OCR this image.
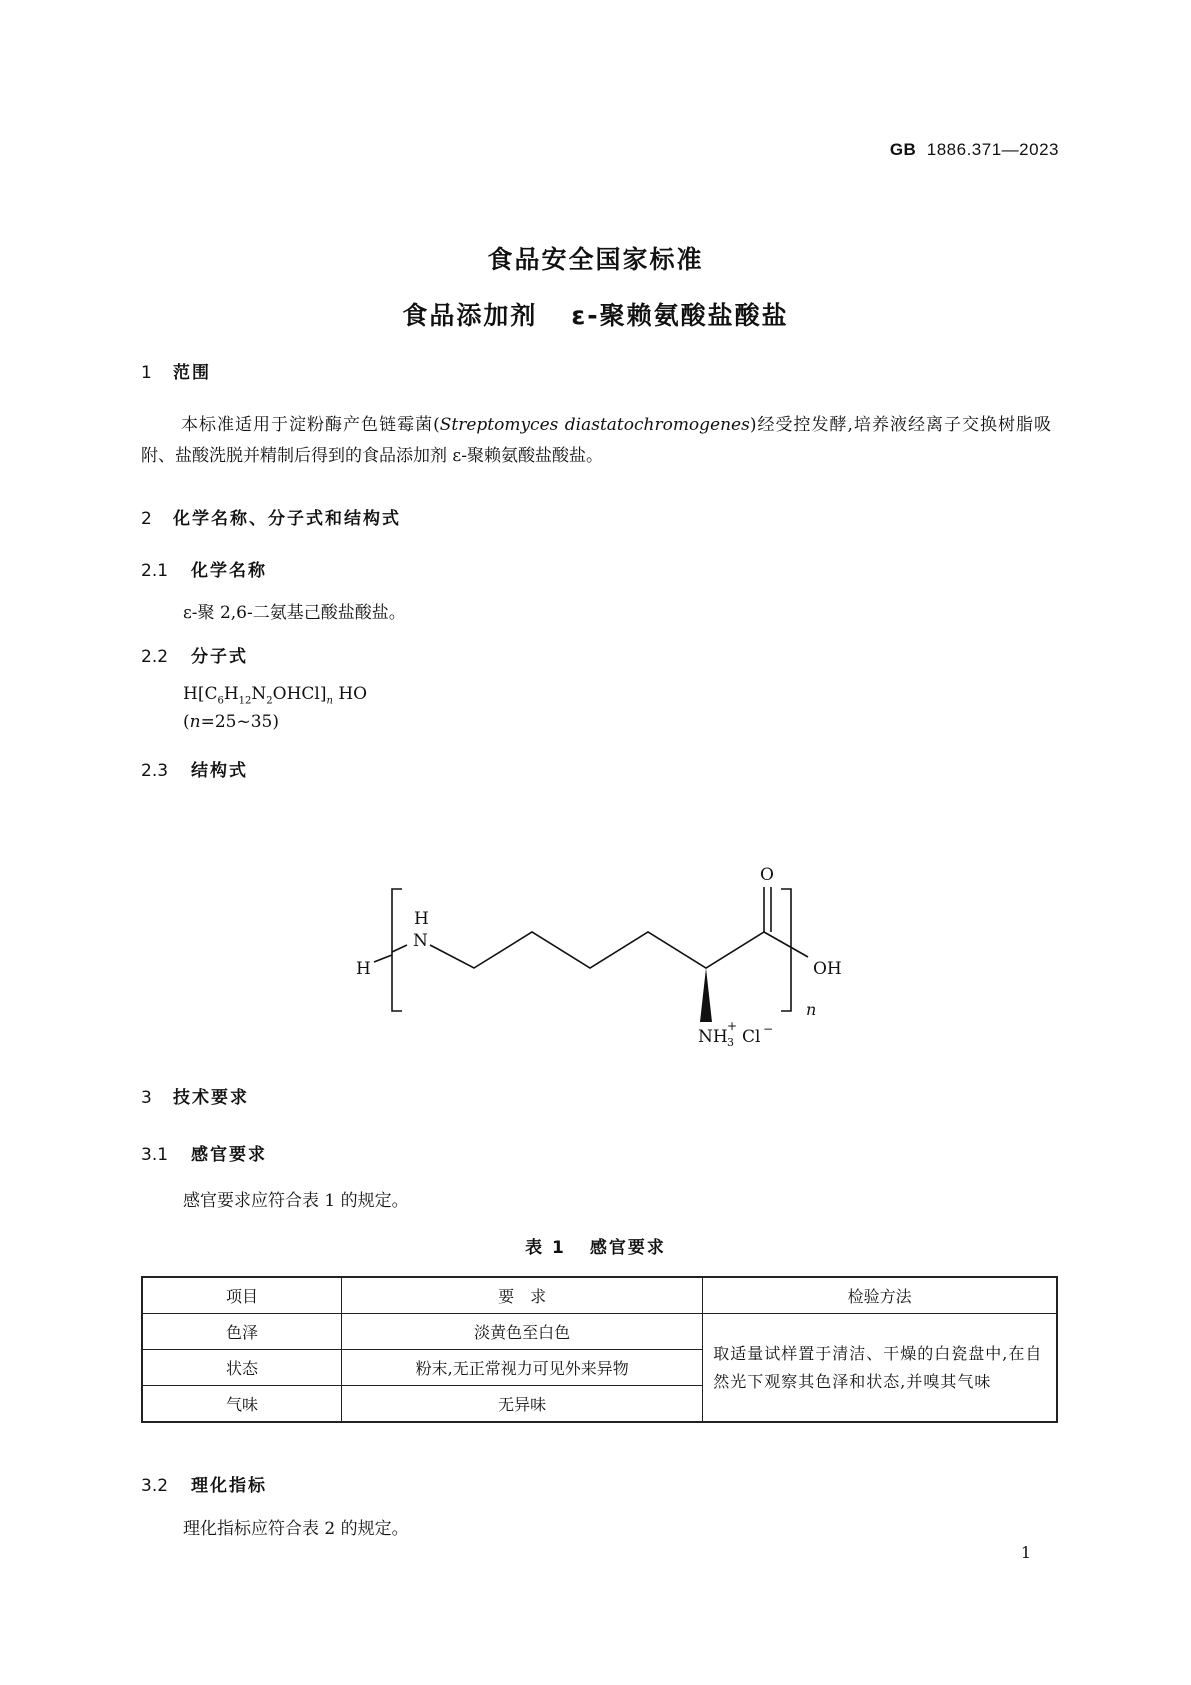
GB 1886.371—2023
食品安全国家标准
食品添加剂 ε-聚赖氨酸盐酸盐
1 范围
本标准适用于淀粉酶产色链霉菌(Streptomyces diastatochromogenes)经受控发酵,培养液经离子交换树脂吸附、盐酸洗脱并精制后得到的食品添加剂 ε-聚赖氨酸盐酸盐。
2 化学名称、分子式和结构式
2.1 化学名称
ε-聚 2,6-二氨基己酸盐酸盐。
2.2 分子式
$H[C_6H_{12}N_2OHCl]_n$ HO
(n=25~35)
2.3 结构式
H
H
N
O
OH
n
NH 3
+
Cl −
3 技术要求
3.1 感官要求
感官要求应符合表 1 的规定。
表 1 感官要求
项目	要　求	检验方法
色泽	淡黄色至白色	取适量试样置于清洁、干燥的白瓷盘中,在自然光下观察其色泽和状态,并嗅其气味
状态	粉末,无正常视力可见外来异物	
气味	无异味	
3.2 理化指标
理化指标应符合表 2 的规定。
1
